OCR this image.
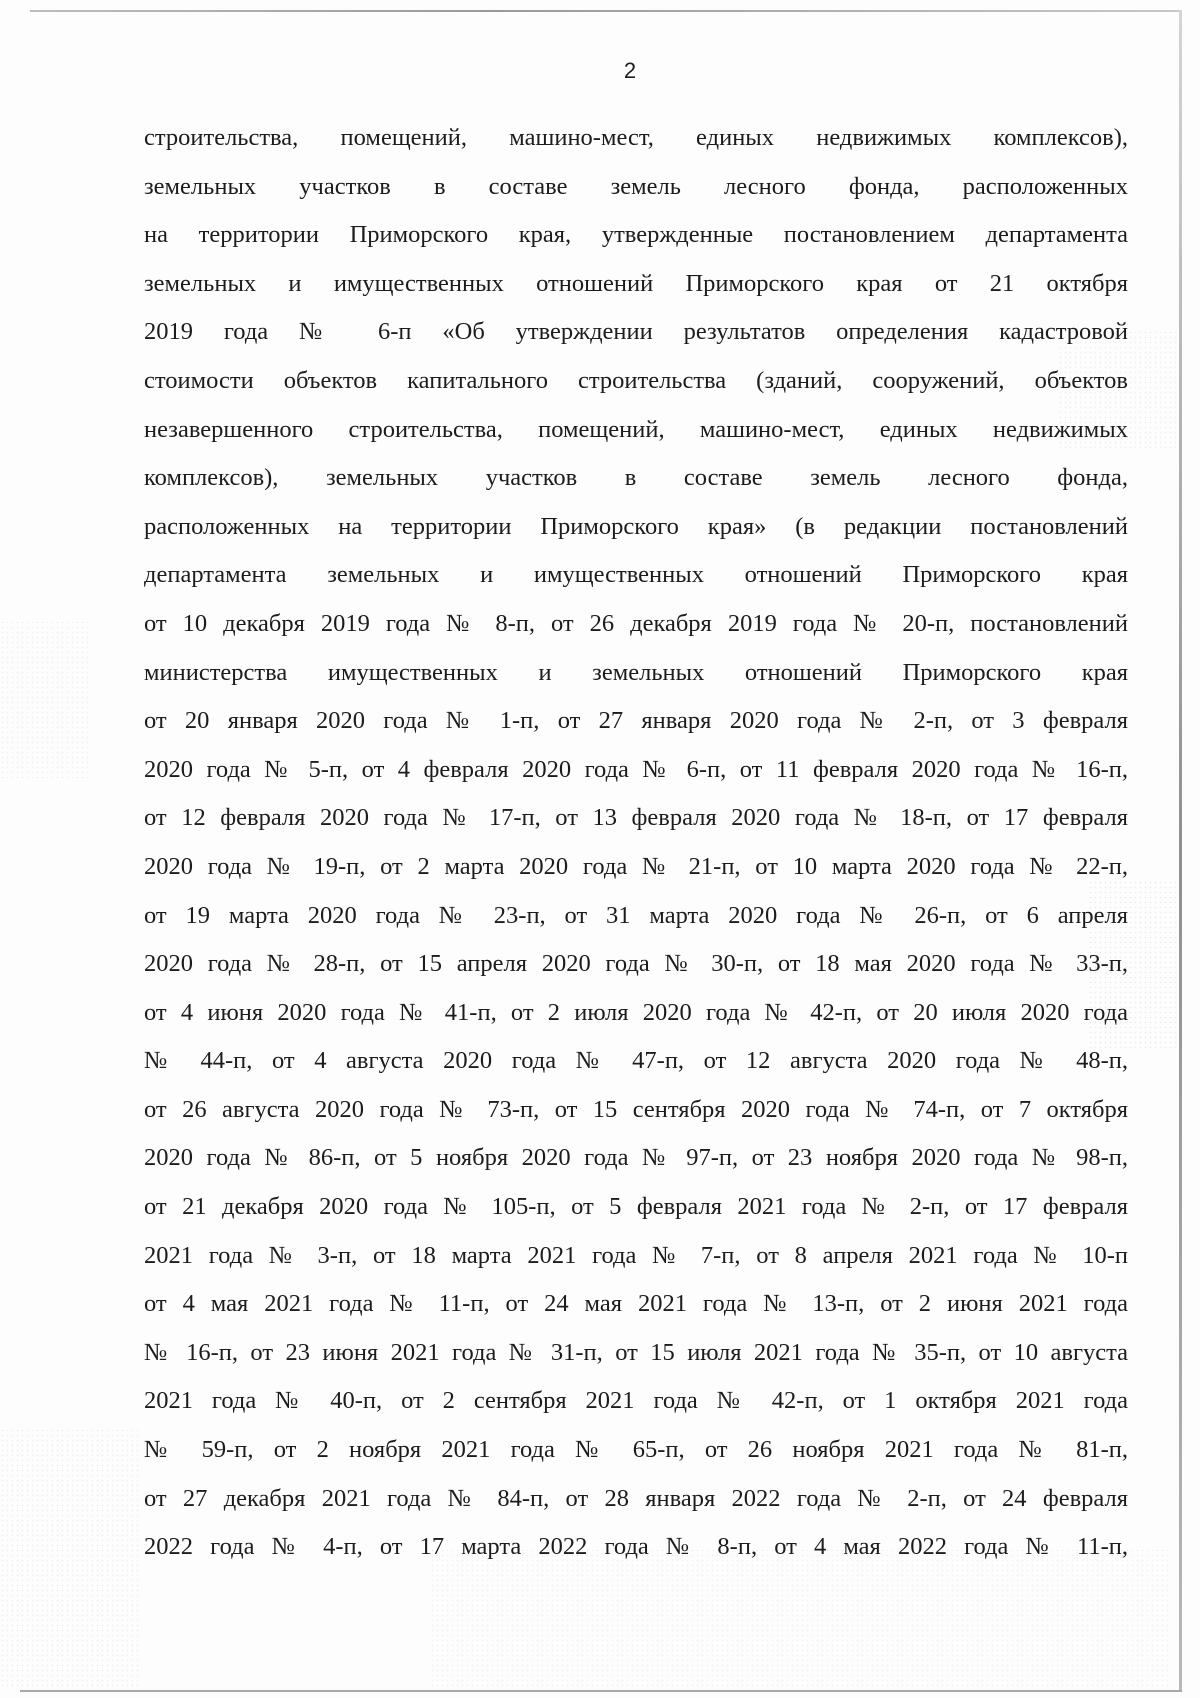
2
строительства, помещений, машино-мест, единых недвижимых комплексов),
земельных участков в составе земель лесного фонда, расположенных
на территории Приморского края, утвержденные постановлением департамента
земельных и имущественных отношений Приморского края от 21 октября
2019 года № 6-п «Об утверждении результатов определения кадастровой
стоимости объектов капитального строительства (зданий, сооружений, объектов
незавершенного строительства, помещений, машино-мест, единых недвижимых
комплексов), земельных участков в составе земель лесного фонда,
расположенных на территории Приморского края» (в редакции постановлений
департамента земельных и имущественных отношений Приморского края
от 10 декабря 2019 года № 8-п, от 26 декабря 2019 года № 20-п, постановлений
министерства имущественных и земельных отношений Приморского края
от 20 января 2020 года № 1-п, от 27 января 2020 года № 2-п, от 3 февраля
2020 года № 5-п, от 4 февраля 2020 года № 6-п, от 11 февраля 2020 года № 16-п,
от 12 февраля 2020 года № 17-п, от 13 февраля 2020 года № 18-п, от 17 февраля
2020 года № 19-п, от 2 марта 2020 года № 21-п, от 10 марта 2020 года № 22-п,
от 19 марта 2020 года № 23-п, от 31 марта 2020 года № 26-п, от 6 апреля
2020 года № 28-п, от 15 апреля 2020 года № 30-п, от 18 мая 2020 года № 33-п,
от 4 июня 2020 года № 41-п, от 2 июля 2020 года № 42-п, от 20 июля 2020 года
№ 44-п, от 4 августа 2020 года № 47-п, от 12 августа 2020 года № 48-п,
от 26 августа 2020 года № 73-п, от 15 сентября 2020 года № 74-п, от 7 октября
2020 года № 86-п, от 5 ноября 2020 года № 97-п, от 23 ноября 2020 года № 98-п,
от 21 декабря 2020 года № 105-п, от 5 февраля 2021 года № 2-п, от 17 февраля
2021 года № 3-п, от 18 марта 2021 года № 7-п, от 8 апреля 2021 года № 10-п
от 4 мая 2021 года № 11-п, от 24 мая 2021 года № 13-п, от 2 июня 2021 года
№ 16-п, от 23 июня 2021 года № 31-п, от 15 июля 2021 года № 35-п, от 10 августа
2021 года № 40-п, от 2 сентября 2021 года № 42-п, от 1 октября 2021 года
№ 59-п, от 2 ноября 2021 года № 65-п, от 26 ноября 2021 года № 81-п,
от 27 декабря 2021 года № 84-п, от 28 января 2022 года № 2-п, от 24 февраля
2022 года № 4-п, от 17 марта 2022 года № 8-п, от 4 мая 2022 года № 11-п,
